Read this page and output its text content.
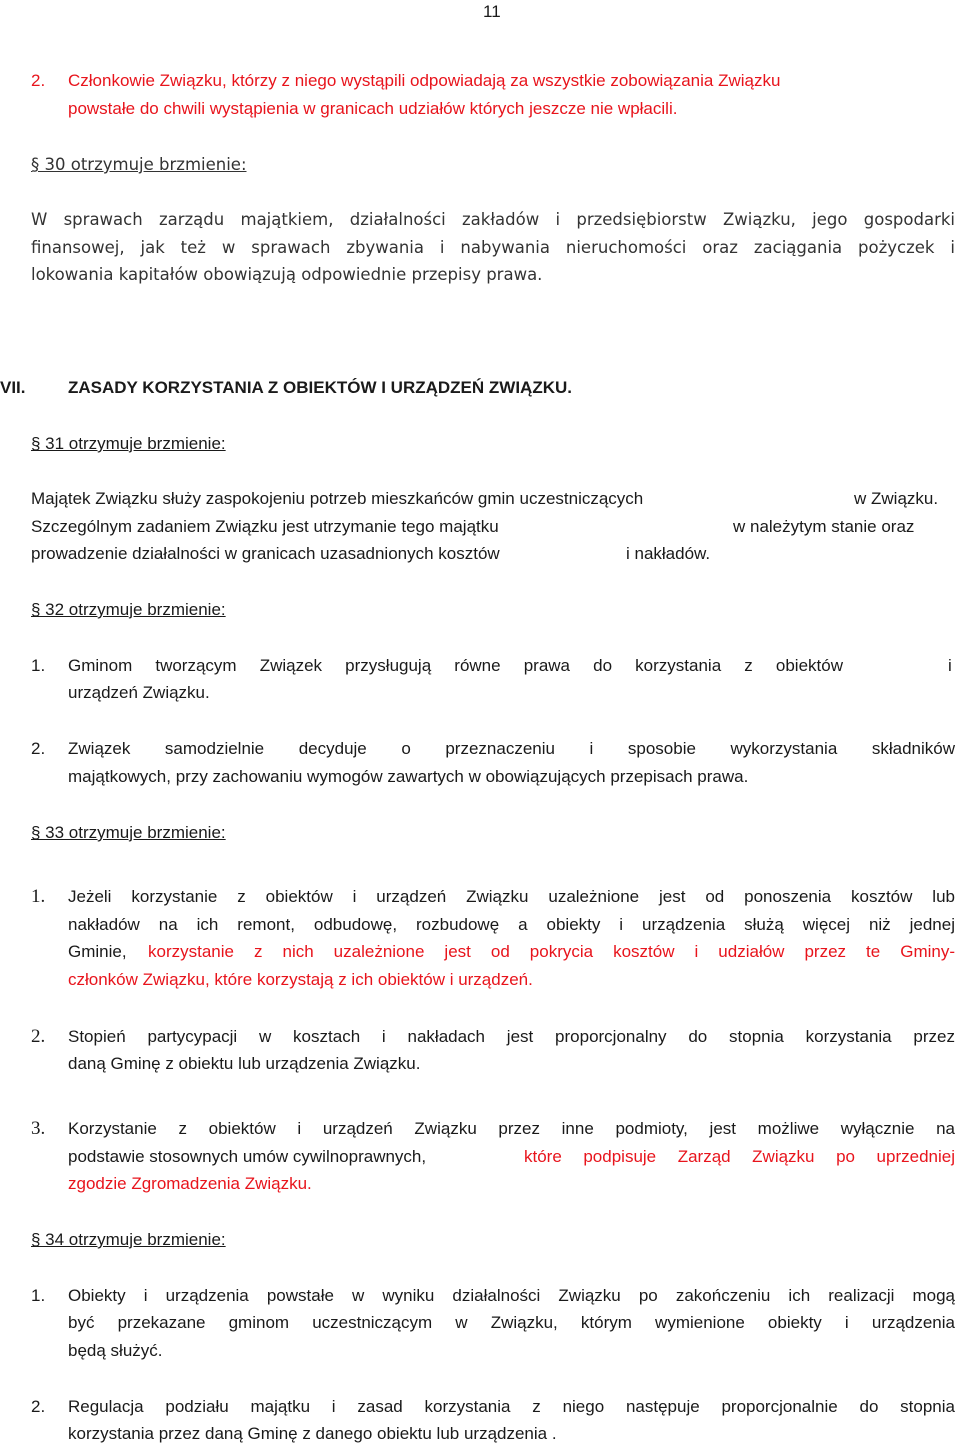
11
2. Członkowie Związku, którzy z niego wystąpili odpowiadają za wszystkie zobowiązania Związku
powstałe do chwili wystąpienia w granicach udziałów których jeszcze nie wpłacili.
§ 30 otrzymuje brzmienie:
W sprawach zarządu majątkiem, działalności zakładów i przedsiębiorstw Związku, jego gospodarki
finansowej, jak też w sprawach zbywania i nabywania nieruchomości oraz zaciągania pożyczek i
lokowania kapitałów obowiązują odpowiednie przepisy prawa.
VII. ZASADY KORZYSTANIA Z OBIEKTÓW I URZĄDZEŃ ZWIĄZKU.
§ 31 otrzymuje brzmienie:
Majątek Związku służy zaspokojeniu potrzeb mieszkańców gmin uczestniczących	w Związku.
Szczególnym zadaniem Związku jest utrzymanie tego majątku	w należytym stanie oraz
prowadzenie działalności w granicach uzasadnionych kosztów	i nakładów.
§ 32 otrzymuje brzmienie:
1. Gminom tworzącym Związek przysługują równe prawa do korzystania z obiektów	i
urządzeń Związku.
2. Związek samodzielnie decyduje o przeznaczeniu i sposobie wykorzystania składników
majątkowych, przy zachowaniu wymogów zawartych w obowiązujących przepisach prawa.
§ 33 otrzymuje brzmienie:
1. Jeżeli korzystanie z obiektów i urządzeń Związku uzależnione jest od ponoszenia kosztów lub
nakładów na ich remont, odbudowę, rozbudowę a obiekty i urządzenia służą więcej niż jednej
Gminie, korzystanie z nich uzależnione jest od pokrycia kosztów i udziałów przez te Gminy-
członków Związku, które korzystają z ich obiektów i urządzeń.
2. Stopień partycypacji w kosztach i nakładach jest proporcjonalny do stopnia korzystania przez
daną Gminę z obiektu lub urządzenia Związku.
3. Korzystanie z obiektów i urządzeń Związku przez inne podmioty, jest możliwe wyłącznie na
podstawie stosownych umów cywilnoprawnych,	które podpisuje Zarząd Związku po uprzedniej
zgodzie Zgromadzenia Związku.
§ 34 otrzymuje brzmienie:
1. Obiekty i urządzenia powstałe w wyniku działalności Związku po zakończeniu ich realizacji mogą
być przekazane gminom uczestniczącym w Związku, którym wymienione obiekty i urządzenia
będą służyć.
2. Regulacja podziału majątku i zasad korzystania z niego następuje proporcjonalnie do stopnia
korzystania przez daną Gminę z danego obiektu lub urządzenia .
